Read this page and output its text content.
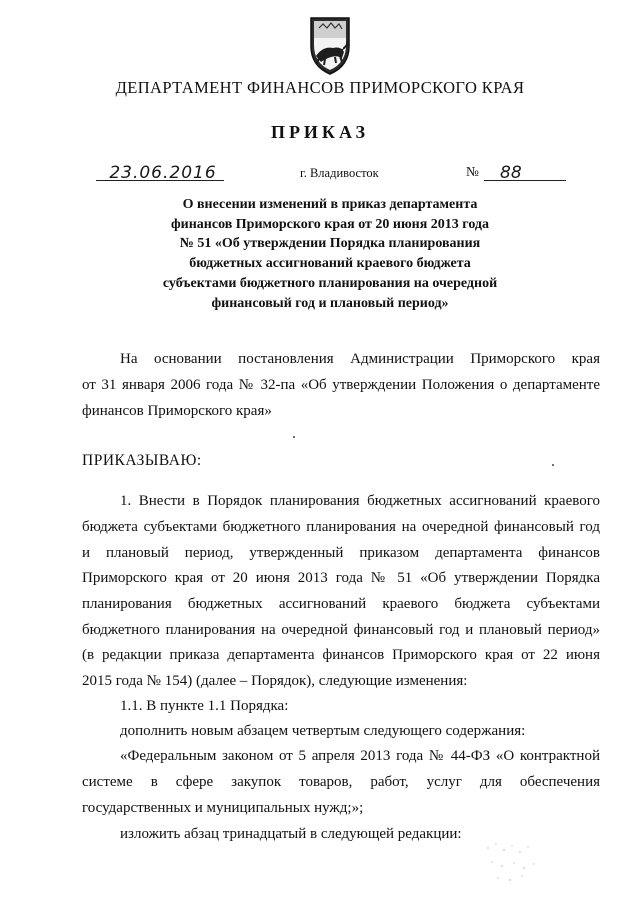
ДЕПАРТАМЕНТ ФИНАНСОВ ПРИМОРСКОГО КРАЯ
ПРИКАЗ
23.06.2016	г. Владивосток	№ 88
О внесении изменений в приказ департамента
финансов Приморского края от 20 июня 2013 года
№ 51 «Об утверждении Порядка планирования
бюджетных ассигнований краевого бюджета
субъектами бюджетного планирования на очередной
финансовый год и плановый период»
На основании постановления Администрации Приморского края
от 31 января 2006 года № 32-па «Об утверждении Положения о департаменте
финансов Приморского края»
ПРИКАЗЫВАЮ:
1. Внести в Порядок планирования бюджетных ассигнований краевого
бюджета субъектами бюджетного планирования на очередной финансовый год
и плановый период, утвержденный приказом департамента финансов
Приморского края от 20 июня 2013 года № 51 «Об утверждении Порядка
планирования бюджетных ассигнований краевого бюджета субъектами
бюджетного планирования на очередной финансовый год и плановый период»
(в редакции приказа департамента финансов Приморского края от 22 июня
2015 года № 154) (далее – Порядок), следующие изменения:
1.1. В пункте 1.1 Порядка:
дополнить новым абзацем четвертым следующего содержания:
«Федеральным законом от 5 апреля 2013 года № 44-ФЗ «О контрактной
системе в сфере закупок товаров, работ, услуг для обеспечения
государственных и муниципальных нужд;»;
изложить абзац тринадцатый в следующей редакции:
